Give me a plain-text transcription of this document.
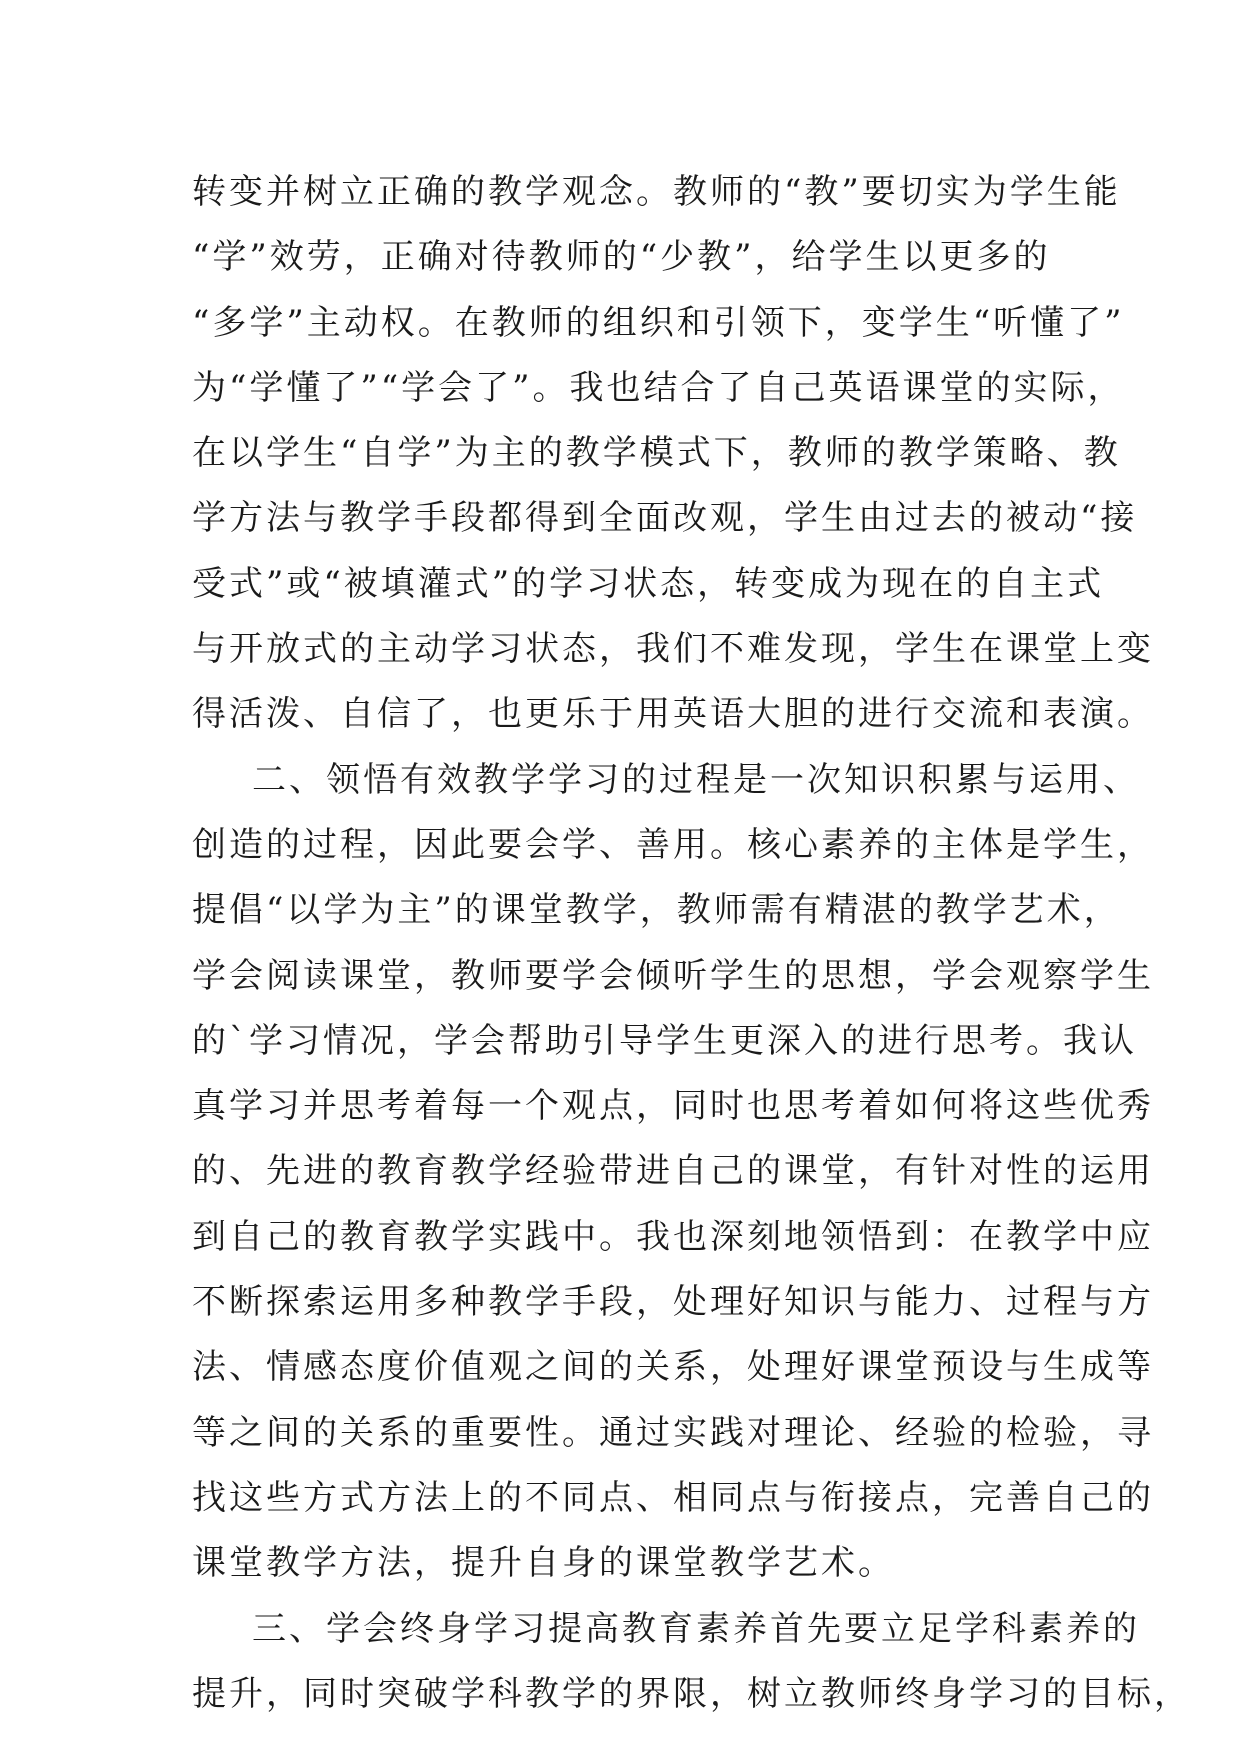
转变并树立正确的教学观念。教师的“教”要切实为学生能
“学”效劳，正确对待教师的“少教”，给学生以更多的
“多学”主动权。在教师的组织和引领下，变学生“听懂了”
为“学懂了”“学会了”。我也结合了自己英语课堂的实际，
在以学生“自学”为主的教学模式下，教师的教学策略、教
学方法与教学手段都得到全面改观，学生由过去的被动“接
受式”或“被填灌式”的学习状态，转变成为现在的自主式
与开放式的主动学习状态，我们不难发现，学生在课堂上变
得活泼、自信了，也更乐于用英语大胆的进行交流和表演。
二、领悟有效教学学习的过程是一次知识积累与运用、
创造的过程，因此要会学、善用。核心素养的主体是学生，
提倡“以学为主”的课堂教学，教师需有精湛的教学艺术，
学会阅读课堂，教师要学会倾听学生的思想，学会观察学生
的`学习情况，学会帮助引导学生更深入的进行思考。我认
真学习并思考着每一个观点，同时也思考着如何将这些优秀
的、先进的教育教学经验带进自己的课堂，有针对性的运用
到自己的教育教学实践中。我也深刻地领悟到：在教学中应
不断探索运用多种教学手段，处理好知识与能力、过程与方
法、情感态度价值观之间的关系，处理好课堂预设与生成等
等之间的关系的重要性。通过实践对理论、经验的检验，寻
找这些方式方法上的不同点、相同点与衔接点，完善自己的
课堂教学方法，提升自身的课堂教学艺术。
三、学会终身学习提高教育素养首先要立足学科素养的
提升，同时突破学科教学的界限，树立教师终身学习的目标，
